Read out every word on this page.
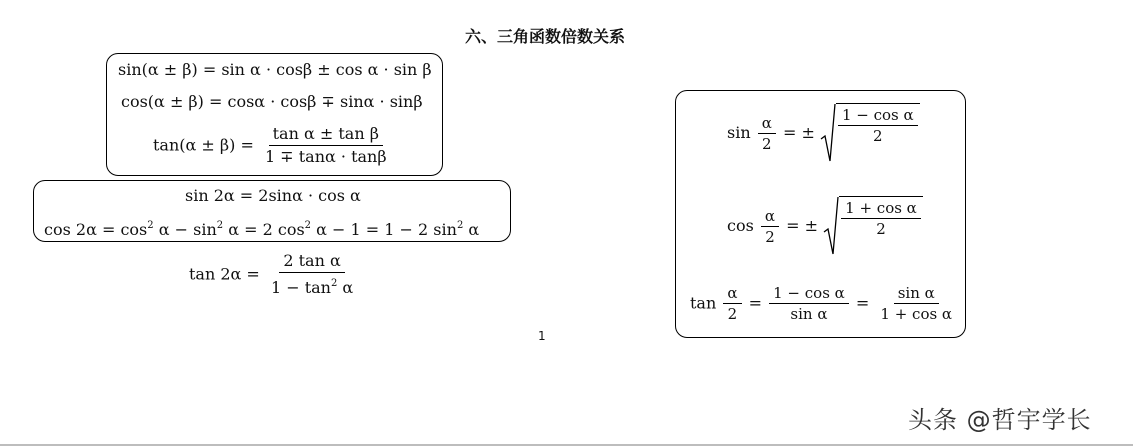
六、三角函数倍数关系
sin(α ± β) = sin α · cosβ ± cos α · sin β
cos(α ± β) = cosα · cosβ ∓ sinα · sinβ
$\tan(\alpha \pm \beta) = \frac{\text{tan α ± tan β}}{1 \mp \tan\alpha \cdot \tan\beta}$
sin 2α = 2sinα · cos α
$\cos 2\alpha = \cos^2 \alpha - \sin^2 \alpha = 2$ $\cos^2 \alpha - 1 = 1 - 2$ $\sin^2 \alpha$
$\tan 2\alpha = \frac{\text{2 tan α}}{1 - \tan^2 \alpha}$
1
$\sin \frac{\alpha}{2}$ = ± $\frac{\text{1 − cos α}}{2}$
$\cos \frac{\alpha}{2}$ = ± $\frac{\text{1 + cos α}}{2}$
$\tan \frac{\alpha}{2} = \frac{\text{1 − cos α}}{\text{sin α}} = \frac{\text{sin α}}{\text{1 + cos α}}$
头条 @哲宇学长
